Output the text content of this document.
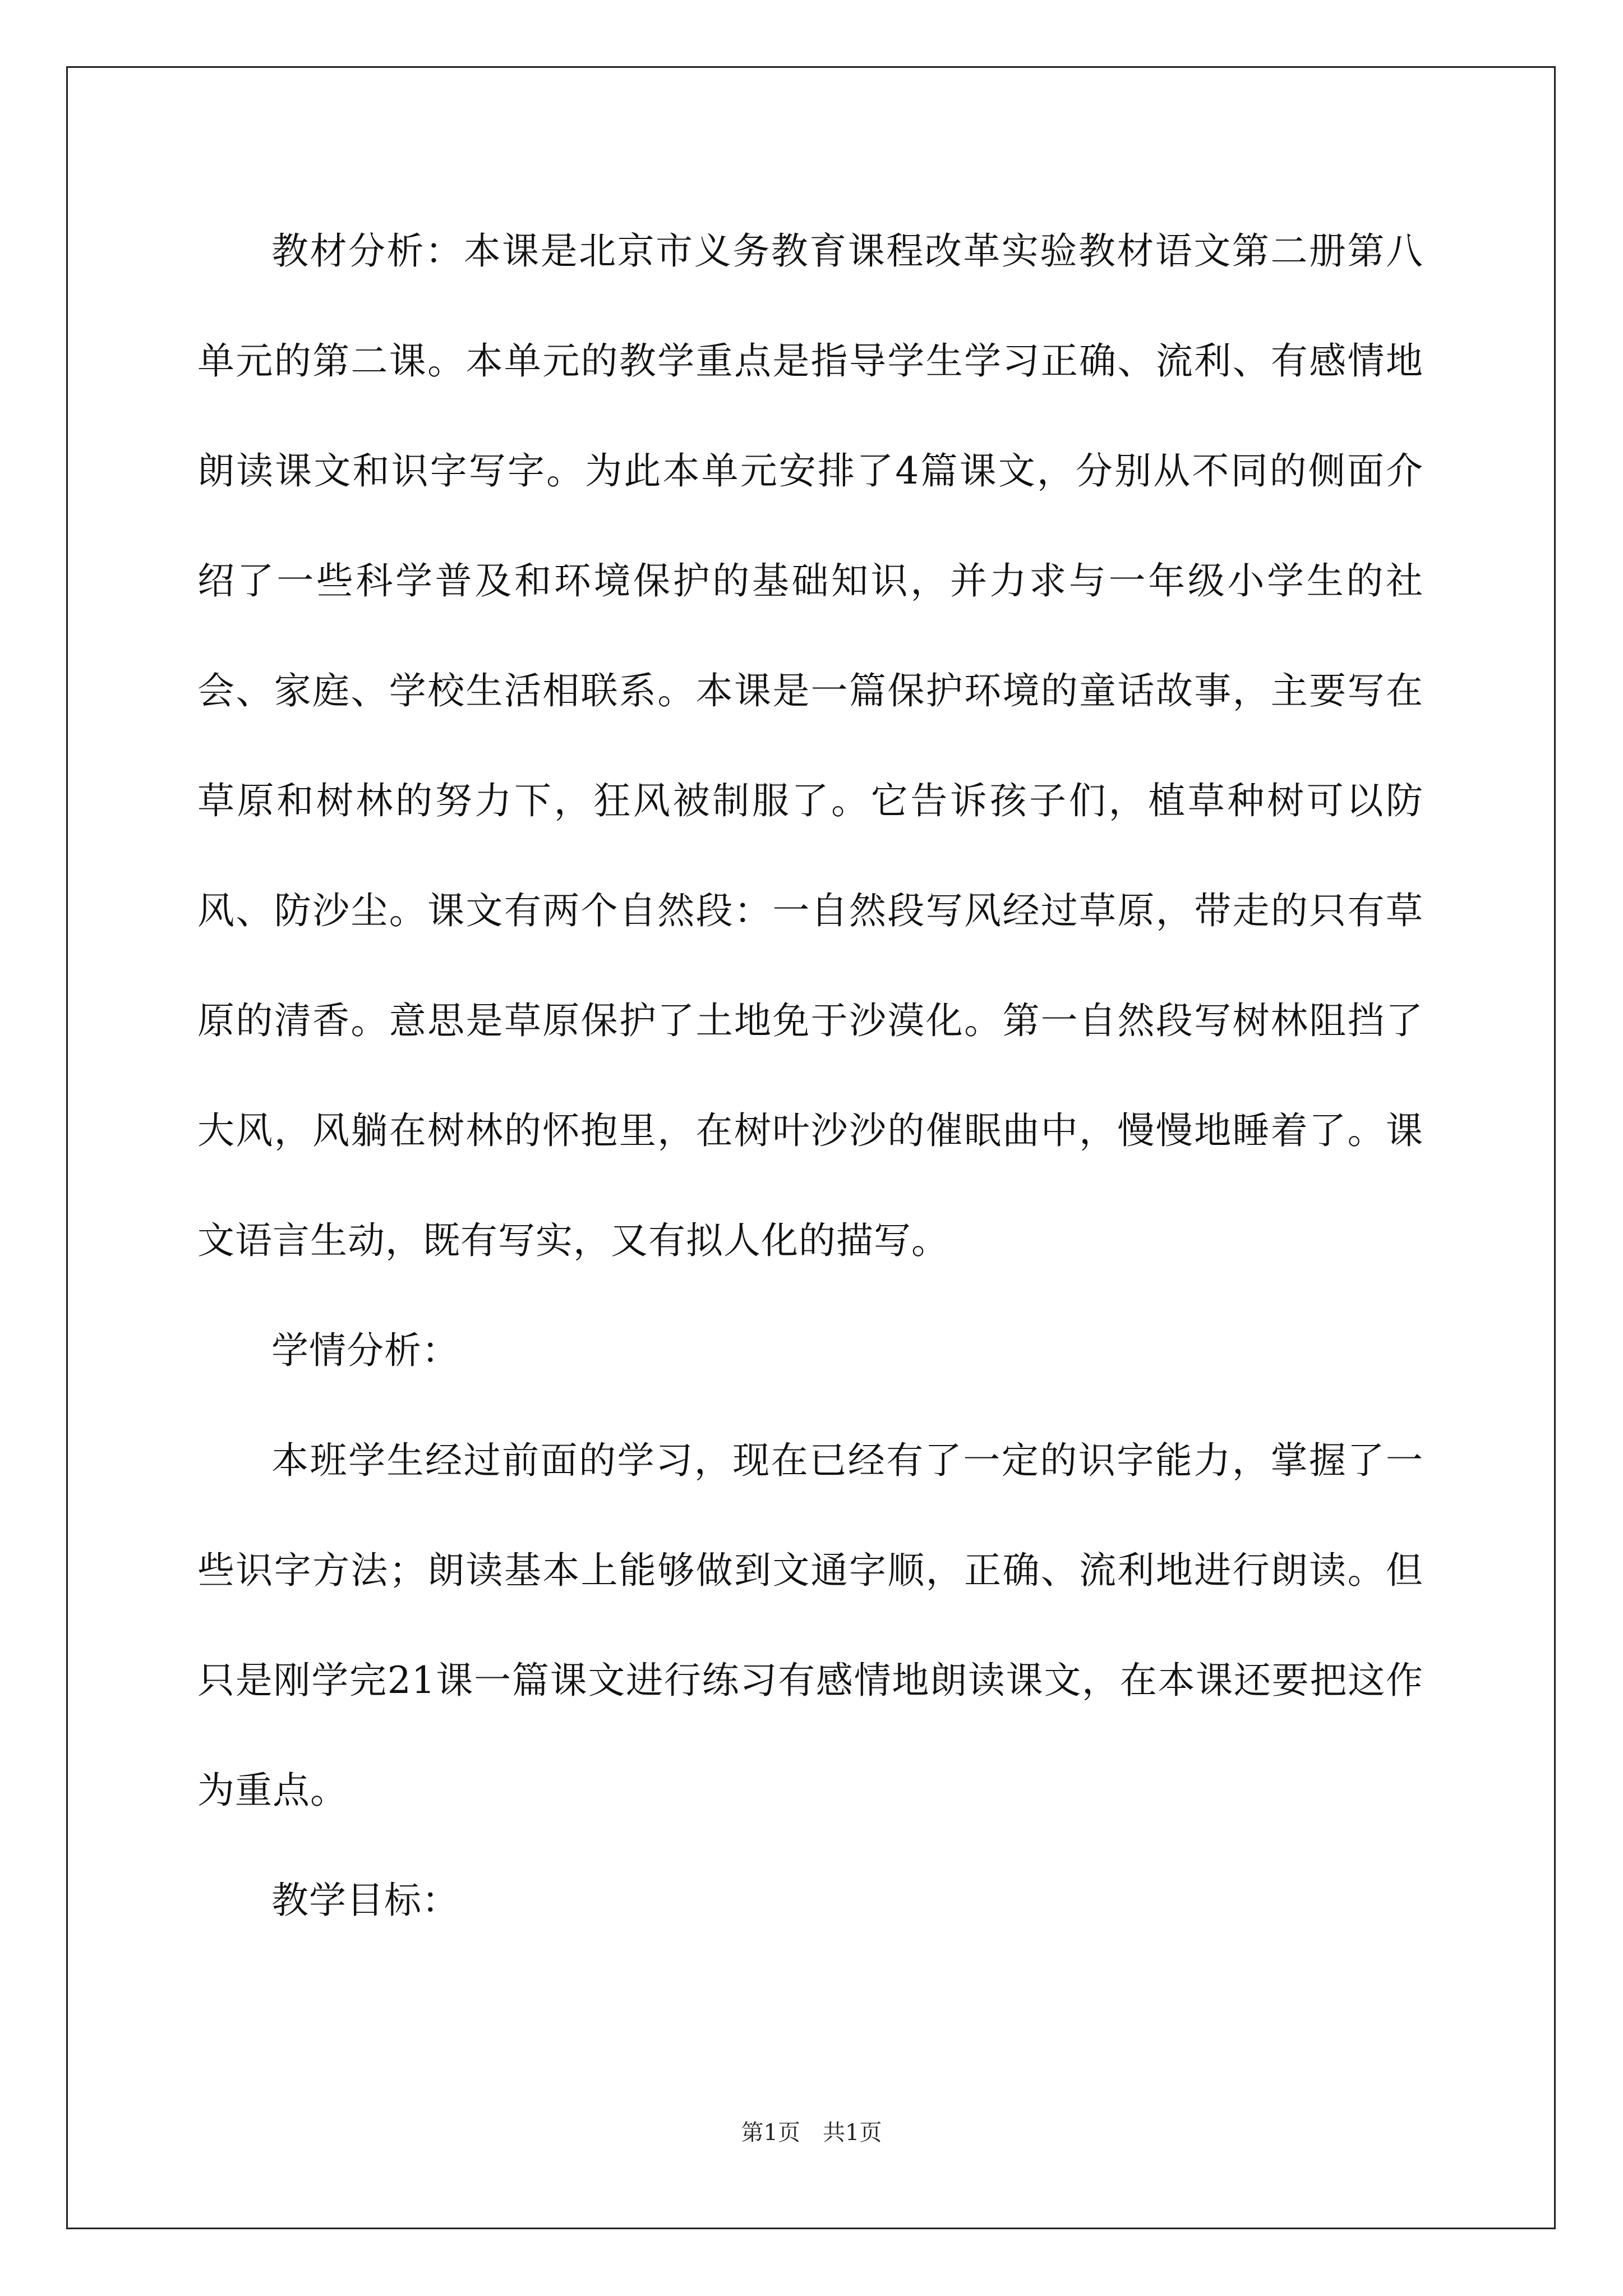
教材分析：本课是北京市义务教育课程改革实验教材语文第二册第八单元的第二课。本单元的教学重点是指导学生学习正确、流利、有感情地朗读课文和识字写字。为此本单元安排了4篇课文，分别从不同的侧面介绍了一些科学普及和环境保护的基础知识，并力求与一年级小学生的社会、家庭、学校生活相联系。本课是一篇保护环境的童话故事，主要写在草原和树林的努力下，狂风被制服了。它告诉孩子们，植草种树可以防风、防沙尘。课文有两个自然段：一自然段写风经过草原，带走的只有草原的清香。意思是草原保护了土地免于沙漠化。第一自然段写树林阻挡了大风，风躺在树林的怀抱里，在树叶沙沙的催眠曲中，慢慢地睡着了。课文语言生动，既有写实，又有拟人化的描写。

学情分析：

本班学生经过前面的学习，现在已经有了一定的识字能力，掌握了一些识字方法；朗读基本上能够做到文通字顺，正确、流利地进行朗读。但只是刚学完21课一篇课文进行练习有感情地朗读课文，在本课还要把这作为重点。

教学目标：

第1页 共1页
